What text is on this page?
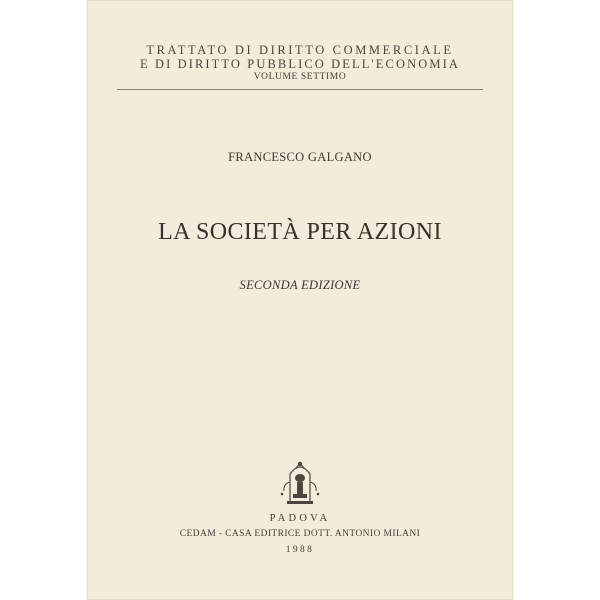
TRATTATO DI DIRITTO COMMERCIALE
E DI DIRITTO PUBBLICO DELL'ECONOMIA
VOLUME SETTIMO
FRANCESCO GALGANO
LA SOCIETÀ PER AZIONI
SECONDA EDIZIONE
PADOVA
CEDAM - CASA EDITRICE DOTT. ANTONIO MILANI
1988
